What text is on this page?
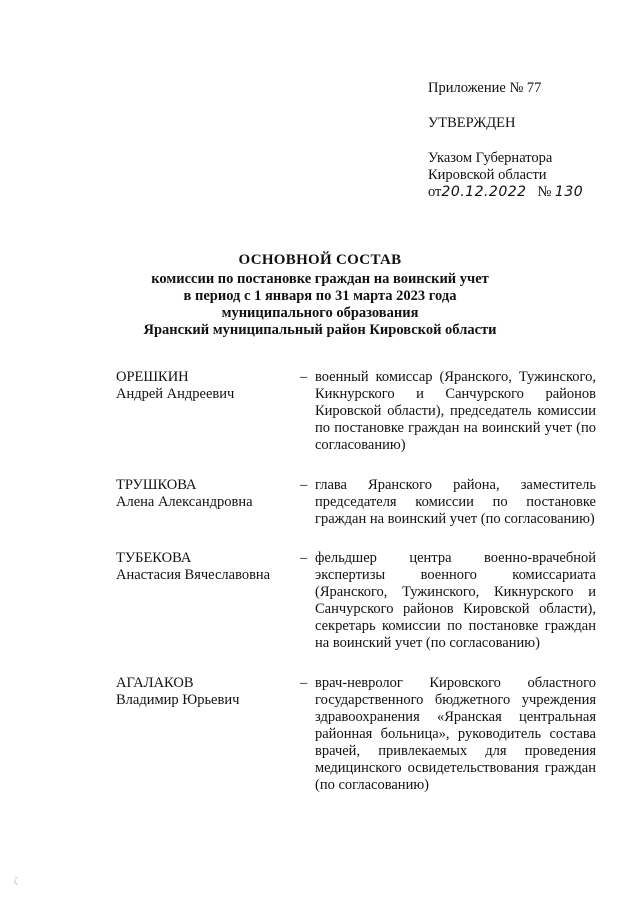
Приложение № 77
УТВЕРЖДЕН
Указом Губернатора
Кировской области
от20.12.2022 № 130
ОСНОВНОЙ СОСТАВ
комиссии по постановке граждан на воинский учет
в период с 1 января по 31 марта 2023 года
муниципального образования
Яранский муниципальный район Кировской области
ОРЕШКИН
Андрей Андреевич
– военный комиссар (Яранского, Тужинского, Кикнурского и Санчурского районов Кировской области), председатель комиссии по постановке граждан на воинский учет (по согласованию)
ТРУШКОВА
Алена Александровна
– глава Яранского района, заместитель председателя комиссии по постановке граждан на воинский учет (по согласованию)
ТУБЕКОВА
Анастасия Вячеславовна
– фельдшер центра военно-врачебной экспертизы военного комиссариата (Яранского, Тужинского, Кикнурского и Санчурского районов Кировской области), секретарь комиссии по постановке граждан на воинский учет (по согласованию)
АГАЛАКОВ
Владимир Юрьевич
– врач-невролог Кировского областного государственного бюджетного учреждения здравоохранения «Яранская центральная районная больница», руководитель состава врачей, привлекаемых для проведения медицинского освидетельствования граждан (по согласованию)
ζ
